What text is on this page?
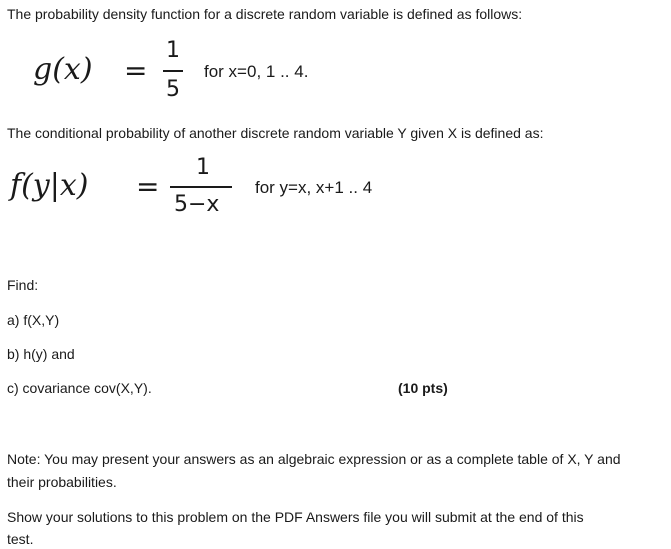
The probability density function for a discrete random variable is defined as follows:
g(x) =
1
5
for x=0, 1 .. 4.
The conditional probability of another discrete random variable Y given X is defined as:
f(y|x) =
1
5−x
for y=x, x+1 .. 4
Find:
a) f(X,Y)
b) h(y) and
c) covariance cov(X,Y).	(10 pts)
Note: You may present your answers as an algebraic expression or as a complete table of X, Y and
their probabilities.
Show your solutions to this problem on the PDF Answers file you will submit at the end of this
test.
